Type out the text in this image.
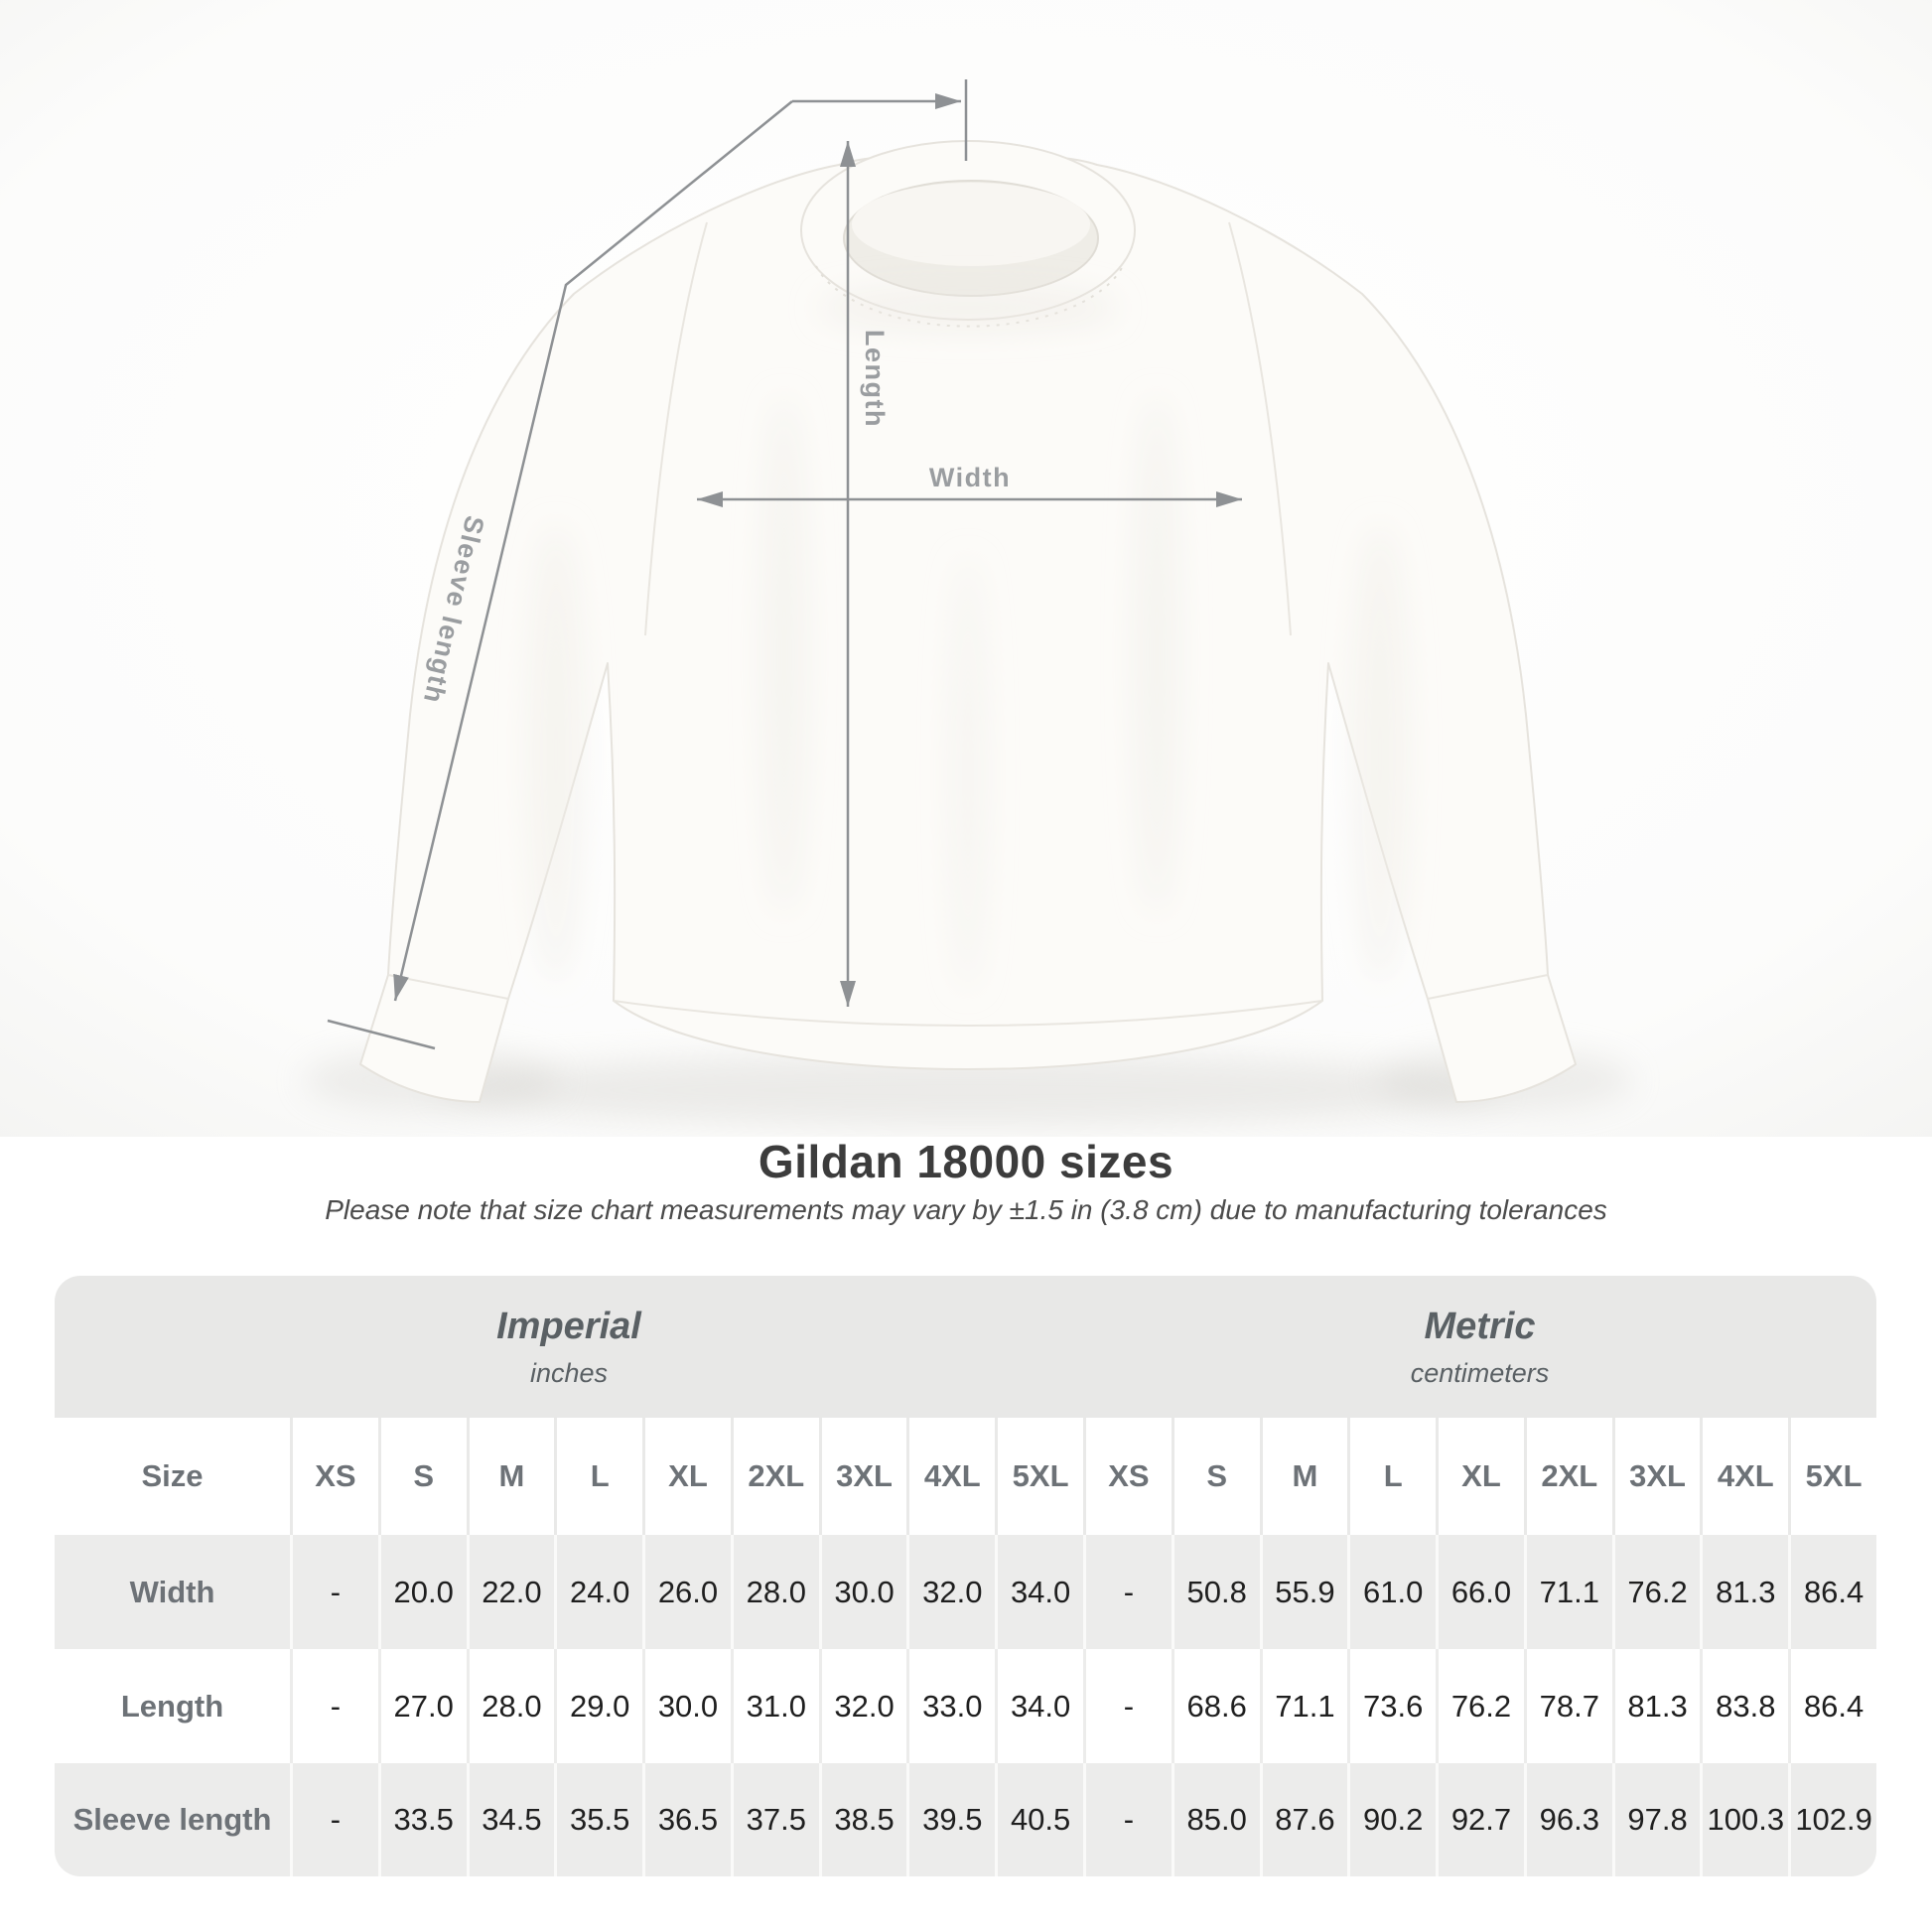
Length
Width
Sleeve length
Gildan 18000 sizes

Please note that size chart measurements may vary by ±1.5 in (3.8 cm) due to manufacturing tolerances

Imperial
inches
Metric
centimeters
Size	XS	S	M	L	XL	2XL	3XL	4XL	5XL	XS	S	M	L	XL	2XL	3XL	4XL	5XL
Width	-	20.0 22.0 24.0 26.0 28.0 30.0 32.0 34.0	-	50.8 55.9 61.0 66.0 71.1 76.2 81.3 86.4
Length	-	27.0 28.0 29.0 30.0 31.0 32.0 33.0 34.0	-	68.6 71.1 73.6 76.2 78.7 81.3 83.8 86.4
Sleeve length	-	33.5 34.5 35.5 36.5 37.5 38.5 39.5 40.5	-	85.0 87.6 90.2 92.7 96.3 97.8 100.3 102.9
